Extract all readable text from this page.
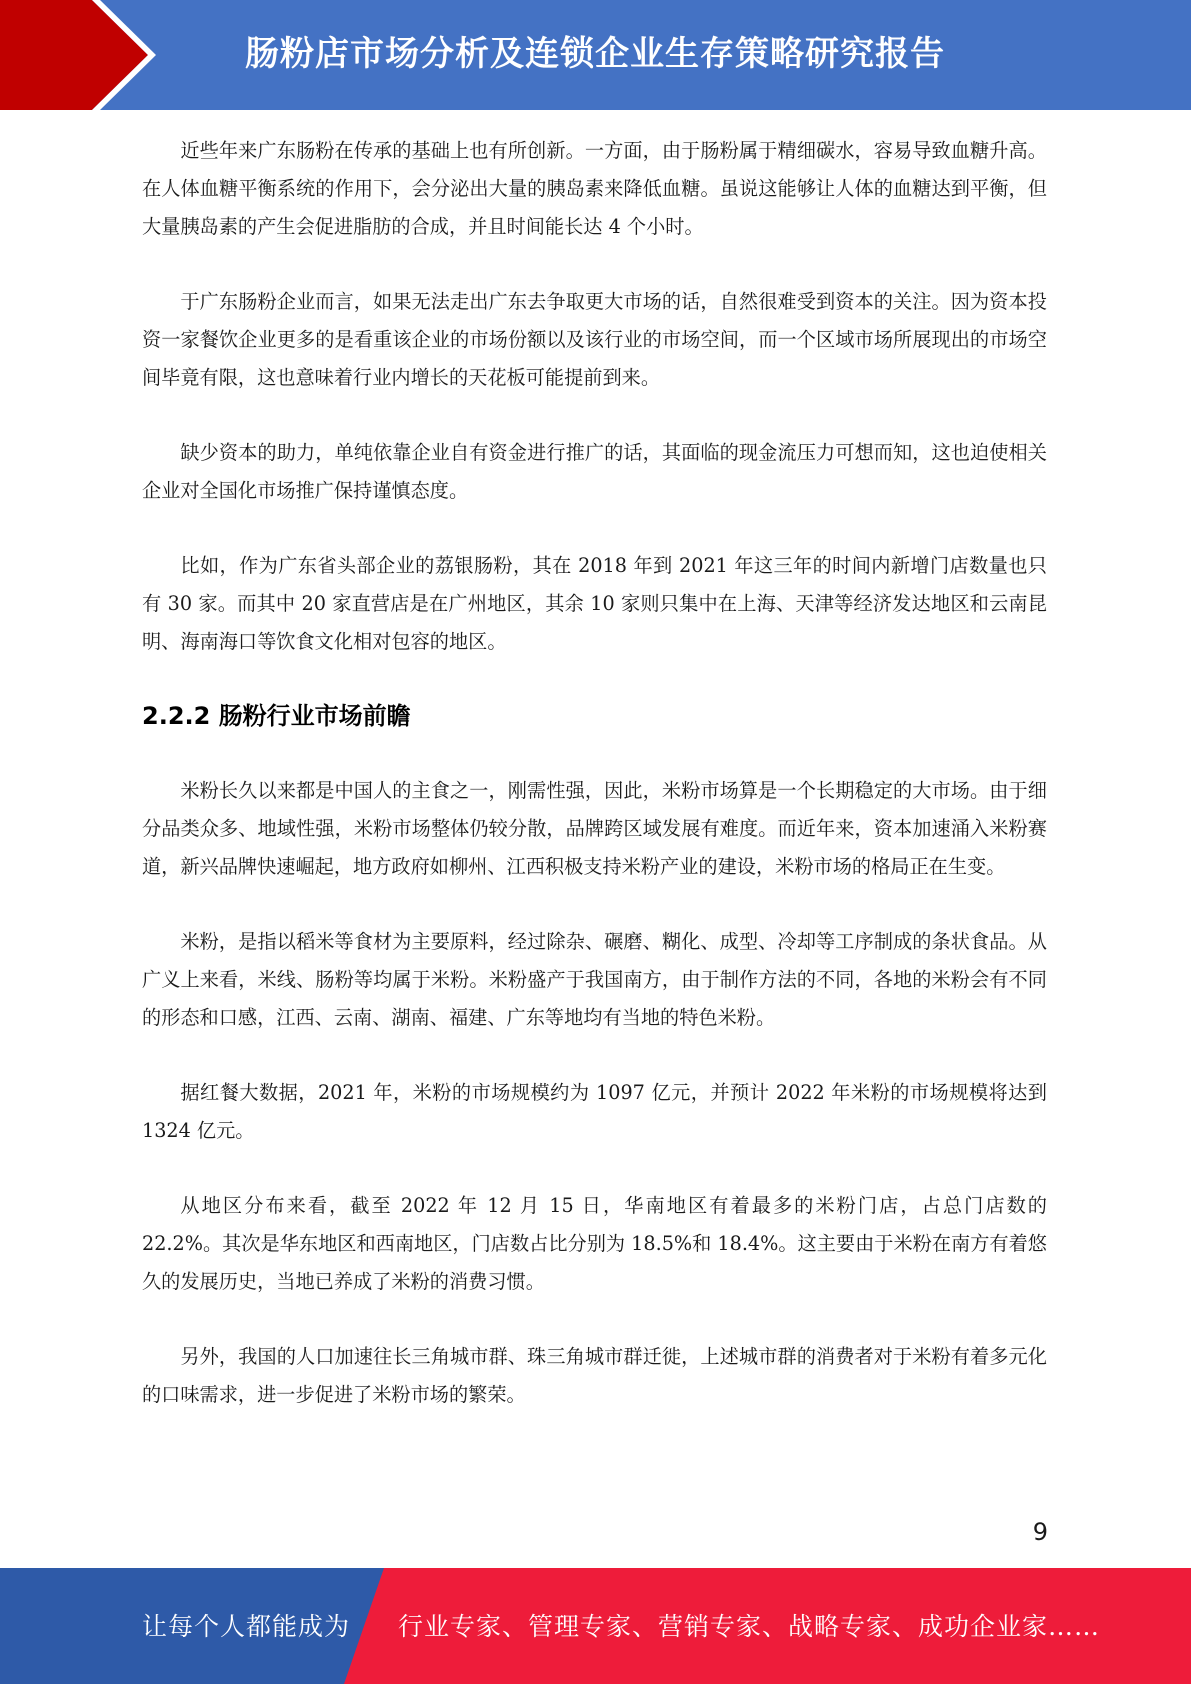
肠粉店市场分析及连锁企业生存策略研究报告

近些年来广东肠粉在传承的基础上也有所创新。一方面，由于肠粉属于精细碳水，容易导致血糖升高。在人体血糖平衡系统的作用下，会分泌出大量的胰岛素来降低血糖。虽说这能够让人体的血糖达到平衡，但大量胰岛素的产生会促进脂肪的合成，并且时间能长达 4 个小时。

于广东肠粉企业而言，如果无法走出广东去争取更大市场的话，自然很难受到资本的关注。因为资本投资一家餐饮企业更多的是看重该企业的市场份额以及该行业的市场空间，而一个区域市场所展现出的市场空间毕竟有限，这也意味着行业内增长的天花板可能提前到来。

缺少资本的助力，单纯依靠企业自有资金进行推广的话，其面临的现金流压力可想而知，这也迫使相关企业对全国化市场推广保持谨慎态度。

比如，作为广东省头部企业的荔银肠粉，其在 2018 年到 2021 年这三年的时间内新增门店数量也只有 30 家。而其中 20 家直营店是在广州地区，其余 10 家则只集中在上海、天津等经济发达地区和云南昆明、海南海口等饮食文化相对包容的地区。

2.2.2 肠粉行业市场前瞻

米粉长久以来都是中国人的主食之一，刚需性强，因此，米粉市场算是一个长期稳定的大市场。由于细分品类众多、地域性强，米粉市场整体仍较分散，品牌跨区域发展有难度。而近年来，资本加速涌入米粉赛道，新兴品牌快速崛起，地方政府如柳州、江西积极支持米粉产业的建设，米粉市场的格局正在生变。

米粉，是指以稻米等食材为主要原料，经过除杂、碾磨、糊化、成型、冷却等工序制成的条状食品。从广义上来看，米线、肠粉等均属于米粉。米粉盛产于我国南方，由于制作方法的不同，各地的米粉会有不同的形态和口感，江西、云南、湖南、福建、广东等地均有当地的特色米粉。

据红餐大数据，2021 年，米粉的市场规模约为 1097 亿元，并预计 2022 年米粉的市场规模将达到 1324 亿元。

从地区分布来看，截至 2022 年 12 月 15 日，华南地区有着最多的米粉门店，占总门店数的22.2%。其次是华东地区和西南地区，门店数占比分别为 18.5%和 18.4%。这主要由于米粉在南方有着悠久的发展历史，当地已养成了米粉的消费习惯。

另外，我国的人口加速往长三角城市群、珠三角城市群迁徙，上述城市群的消费者对于米粉有着多元化的口味需求，进一步促进了米粉市场的繁荣。

9
让每个人都能成为 行业专家、管理专家、营销专家、战略专家、成功企业家……
